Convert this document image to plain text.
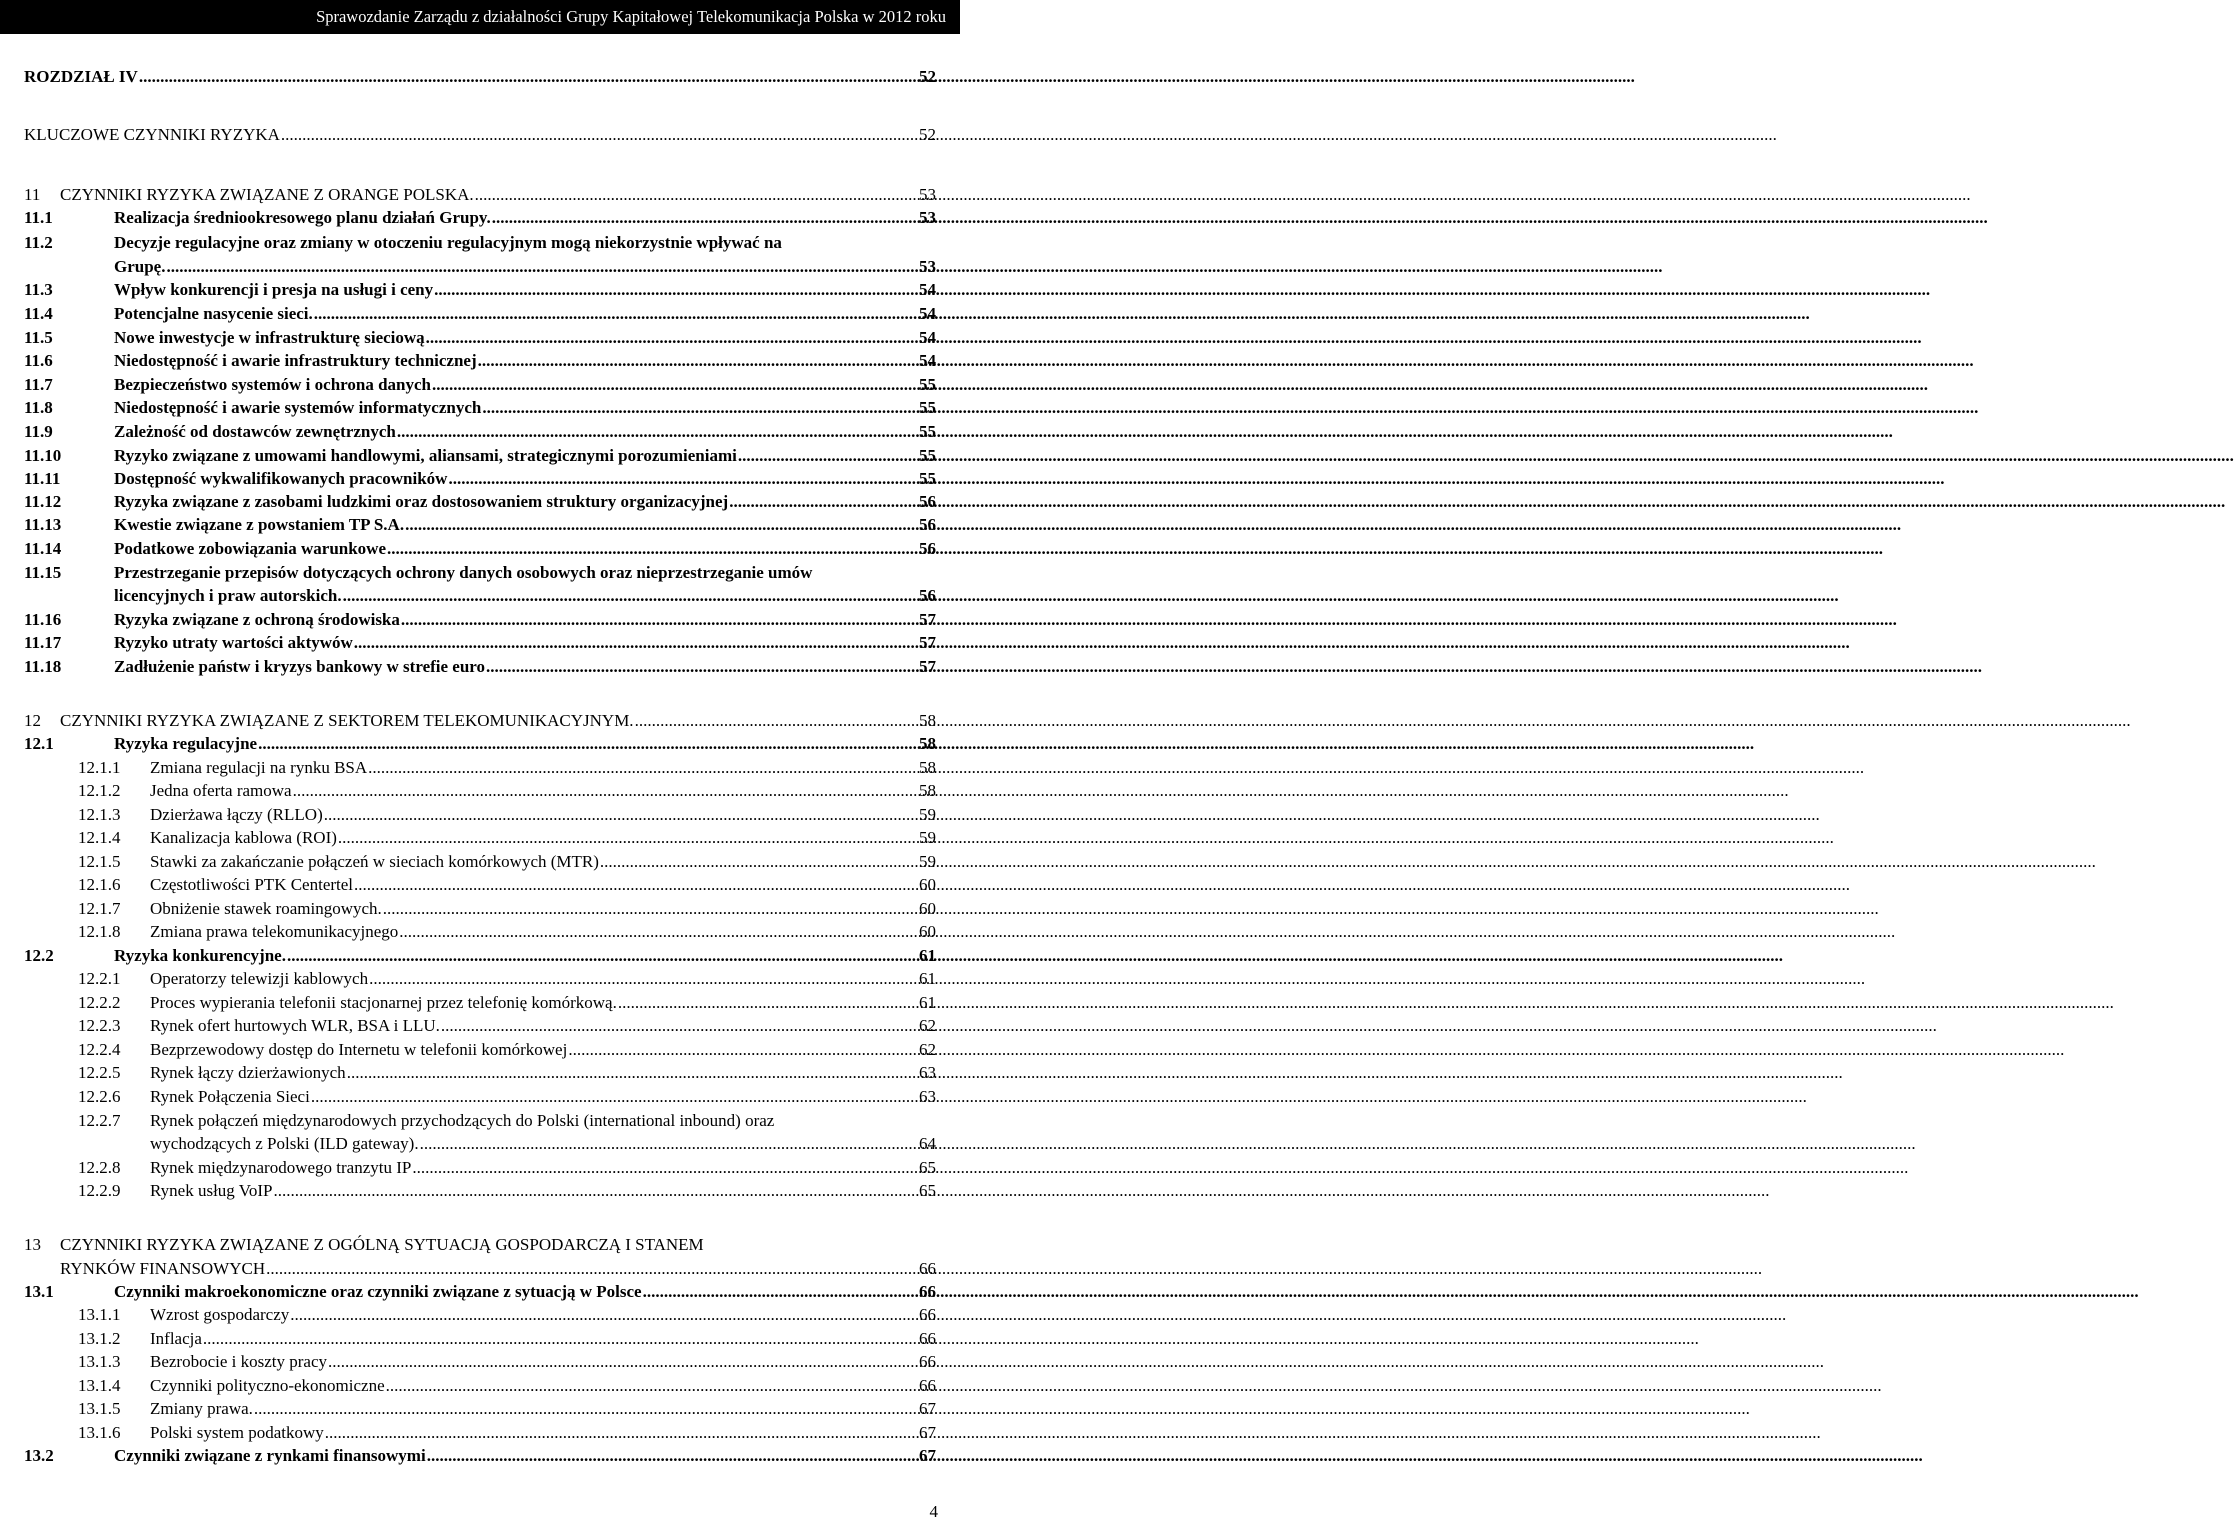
Sprawozdanie Zarządu z działalności Grupy Kapitałowej Telekomunikacja Polska w 2012 roku
ROZDZIAŁ IV .....	52
KLUCZOWE CZYNNIKI RYZYKA .....	52
11 CZYNNIKI RYZYKA ZWIĄZANE Z ORANGE POLSKA. .....	53
11.1	Realizacja średniookresowego planu działań Grupy. .....	53
11.2	Decyzje regulacyjne oraz zmiany w otoczeniu regulacyjnym mogą niekorzystnie wpływać na
Grupę. .....	53
11.3	Wpływ konkurencji i presja na usługi i ceny .....	54
11.4	Potencjalne nasycenie sieci. .....	54
11.5	Nowe inwestycje w infrastrukturę sieciową .....	54
11.6	Niedostępność i awarie infrastruktury technicznej .....	54
11.7	Bezpieczeństwo systemów i ochrona danych .....	55
11.8	Niedostępność i awarie systemów informatycznych .....	55
11.9	Zależność od dostawców zewnętrznych .....	55
11.10	Ryzyko związane z umowami handlowymi, aliansami, strategicznymi porozumieniami .....	55
11.11	Dostępność wykwalifikowanych pracowników .....	55
11.12	Ryzyka związane z zasobami ludzkimi oraz dostosowaniem struktury organizacyjnej .....	56
11.13	Kwestie związane z powstaniem TP S.A. .....	56
11.14	Podatkowe zobowiązania warunkowe .....	56
11.15	Przestrzeganie przepisów dotyczących ochrony danych osobowych oraz nieprzestrzeganie umów
licencyjnych i praw autorskich. .....	56
11.16	Ryzyka związane z ochroną środowiska .....	57
11.17	Ryzyko utraty wartości aktywów .....	57
11.18	Zadłużenie państw i kryzys bankowy w strefie euro .....	57
12 CZYNNIKI RYZYKA ZWIĄZANE Z SEKTOREM TELEKOMUNIKACYJNYM. .....	58
12.1	Ryzyka regulacyjne .....	58
12.1.1 Zmiana regulacji na rynku BSA .....	58
12.1.2 Jedna oferta ramowa .....	58
12.1.3 Dzierżawa łączy (RLLO) .....	59
12.1.4 Kanalizacja kablowa (ROI) .....	59
12.1.5 Stawki za zakańczanie połączeń w sieciach komórkowych (MTR) .....	59
12.1.6 Częstotliwości PTK Centertel .....	60
12.1.7 Obniżenie stawek roamingowych. .....	60
12.1.8 Zmiana prawa telekomunikacyjnego .....	60
12.2	Ryzyka konkurencyjne. .....	61
12.2.1 Operatorzy telewizji kablowych .....	61
12.2.2 Proces wypierania telefonii stacjonarnej przez telefonię komórkową. .....	61
12.2.3 Rynek ofert hurtowych WLR, BSA i LLU. .....	62
12.2.4 Bezprzewodowy dostęp do Internetu w telefonii komórkowej .....	62
12.2.5 Rynek łączy dzierżawionych .....	63
12.2.6 Rynek Połączenia Sieci .....	63
12.2.7 Rynek połączeń międzynarodowych przychodzących do Polski (international inbound) oraz
wychodzących z Polski (ILD gateway). .....	64
12.2.8 Rynek międzynarodowego tranzytu IP .....	65
12.2.9 Rynek usług VoIP .....	65
13 CZYNNIKI RYZYKA ZWIĄZANE Z OGÓLNĄ SYTUACJĄ GOSPODARCZĄ I STANEM
RYNKÓW FINANSOWYCH .....	66
13.1	Czynniki makroekonomiczne oraz czynniki związane z sytuacją w Polsce .....	66
13.1.1 Wzrost gospodarczy .....	66
13.1.2 Inflacja .....	66
13.1.3 Bezrobocie i koszty pracy .....	66
13.1.4 Czynniki polityczno-ekonomiczne .....	66
13.1.5 Zmiany prawa. .....	67
13.1.6 Polski system podatkowy .....	67
13.2	Czynniki związane z rynkami finansowymi .....	67
4
